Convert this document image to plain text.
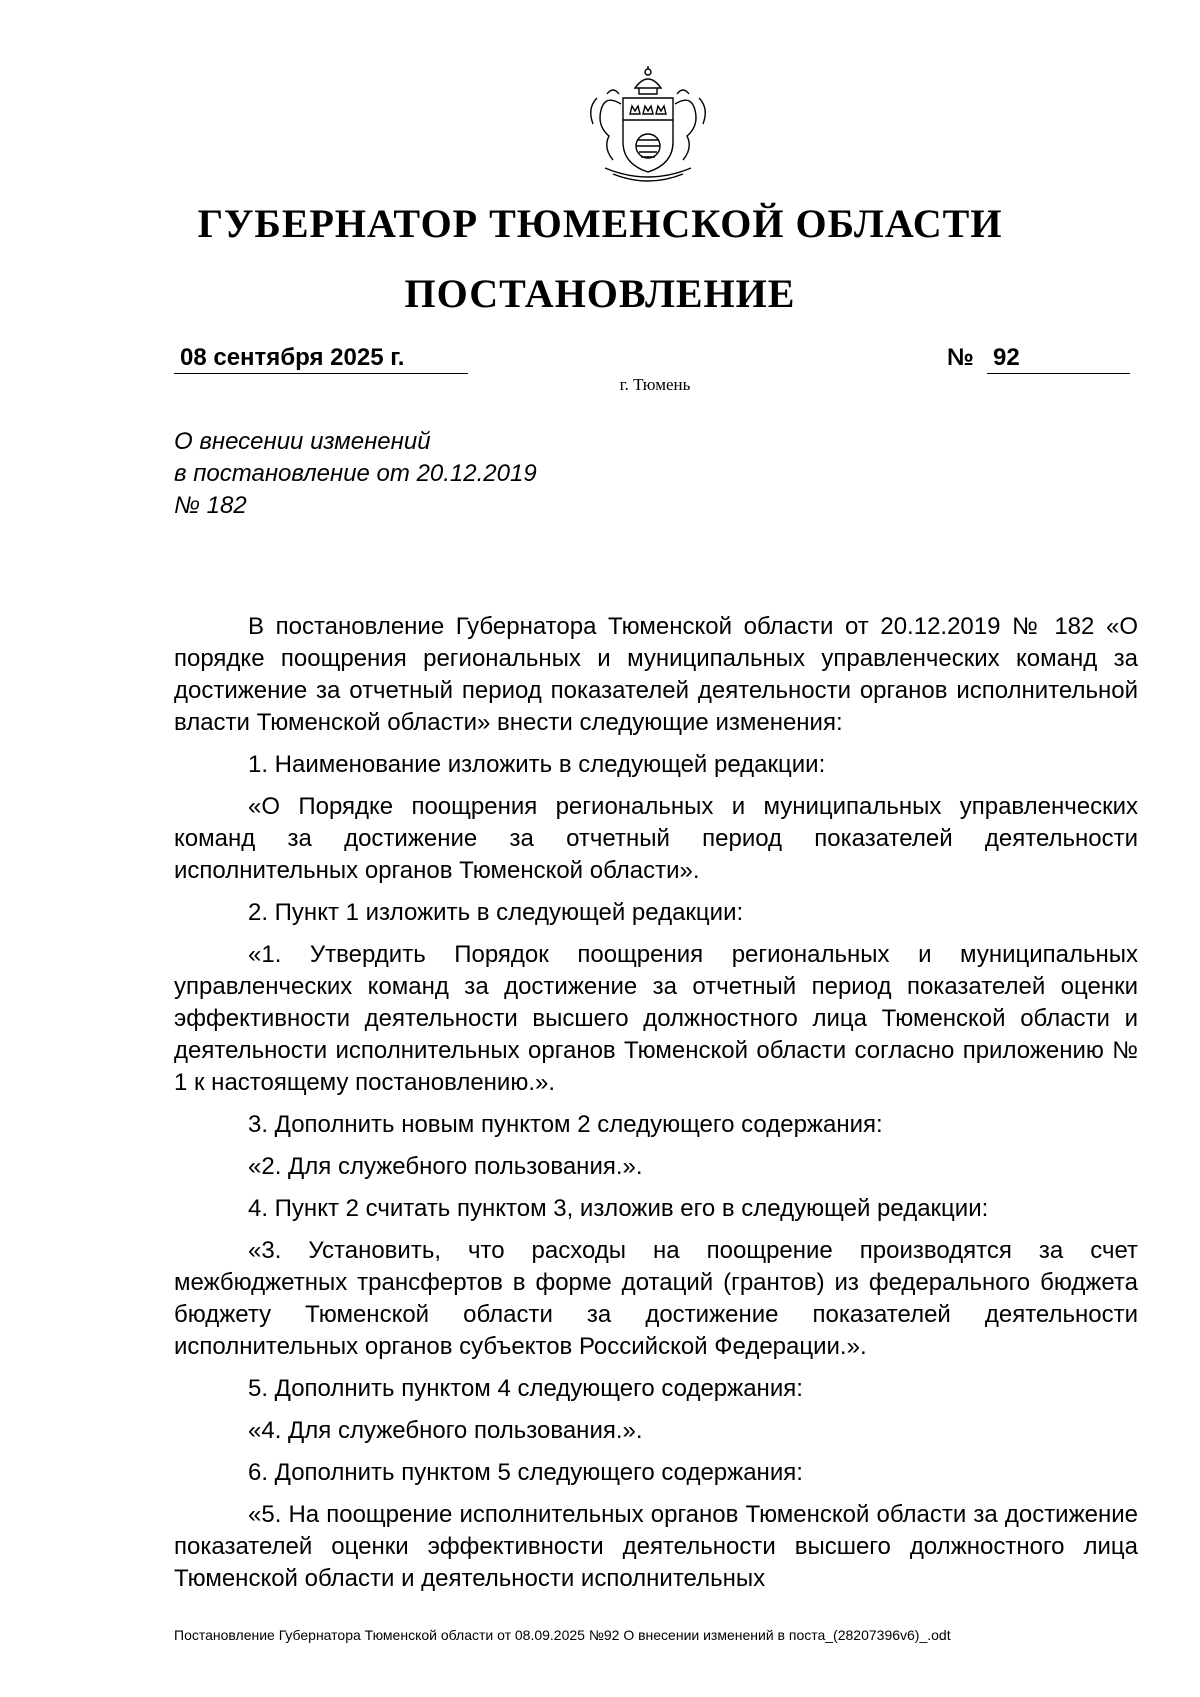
ГУБЕРНАТОР ТЮМЕНСКОЙ ОБЛАСТИ
ПОСТАНОВЛЕНИЕ
08 сентября 2025 г.	№ 92
г. Тюмень
О внесении изменений
в постановление от 20.12.2019
№ 182

В постановление Губернатора Тюменской области от 20.12.2019 № 182 «О порядке поощрения региональных и муниципальных управленческих команд за достижение за отчетный период показателей деятельности органов исполнительной власти Тюменской области» внести следующие изменения:

1. Наименование изложить в следующей редакции:

«О Порядке поощрения региональных и муниципальных управленческих команд за достижение за отчетный период показателей деятельности исполнительных органов Тюменской области».

2. Пункт 1 изложить в следующей редакции:

«1. Утвердить Порядок поощрения региональных и муниципальных управленческих команд за достижение за отчетный период показателей оценки эффективности деятельности высшего должностного лица Тюменской области и деятельности исполнительных органов Тюменской области согласно приложению № 1 к настоящему постановлению.».

3. Дополнить новым пунктом 2 следующего содержания:

«2. Для служебного пользования.».

4. Пункт 2 считать пунктом 3, изложив его в следующей редакции:

«3. Установить, что расходы на поощрение производятся за счет межбюджетных трансфертов в форме дотаций (грантов) из федерального бюджета бюджету Тюменской области за достижение показателей деятельности исполнительных органов субъектов Российской Федерации.».

5. Дополнить пунктом 4 следующего содержания:

«4. Для служебного пользования.».

6. Дополнить пунктом 5 следующего содержания:

«5. На поощрение исполнительных органов Тюменской области за достижение показателей оценки эффективности деятельности высшего должностного лица Тюменской области и деятельности исполнительных

Постановление Губернатора Тюменской области от 08.09.2025 №92 О внесении изменений в поста_(28207396v6)_.odt
